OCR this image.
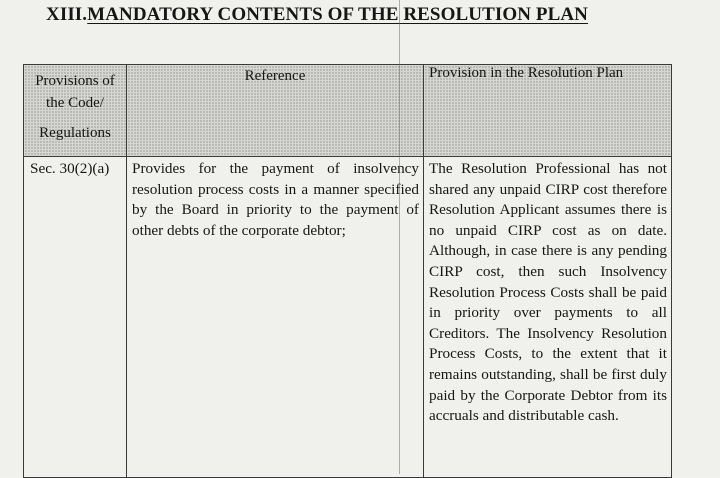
XIII.MANDATORY CONTENTS OF THE RESOLUTION PLAN
Provisions of
the Code/
Regulations	Reference	Provision in the Resolution Plan
Sec. 30(2)(a)	Provides for the payment of insolvency resolution process costs in a manner specified by the Board in priority to the payment of other debts of the corporate debtor;	The Resolution Professional has not shared any unpaid CIRP cost therefore Resolution Applicant assumes there is no unpaid CIRP cost as on date. Although, in case there is any pending CIRP cost, then such Insolvency Resolution Process Costs shall be paid in priority over payments to all Creditors. The Insolvency Resolution Process Costs, to the extent that it remains outstanding, shall be first duly paid by the Corporate Debtor from its accruals and distributable cash.
